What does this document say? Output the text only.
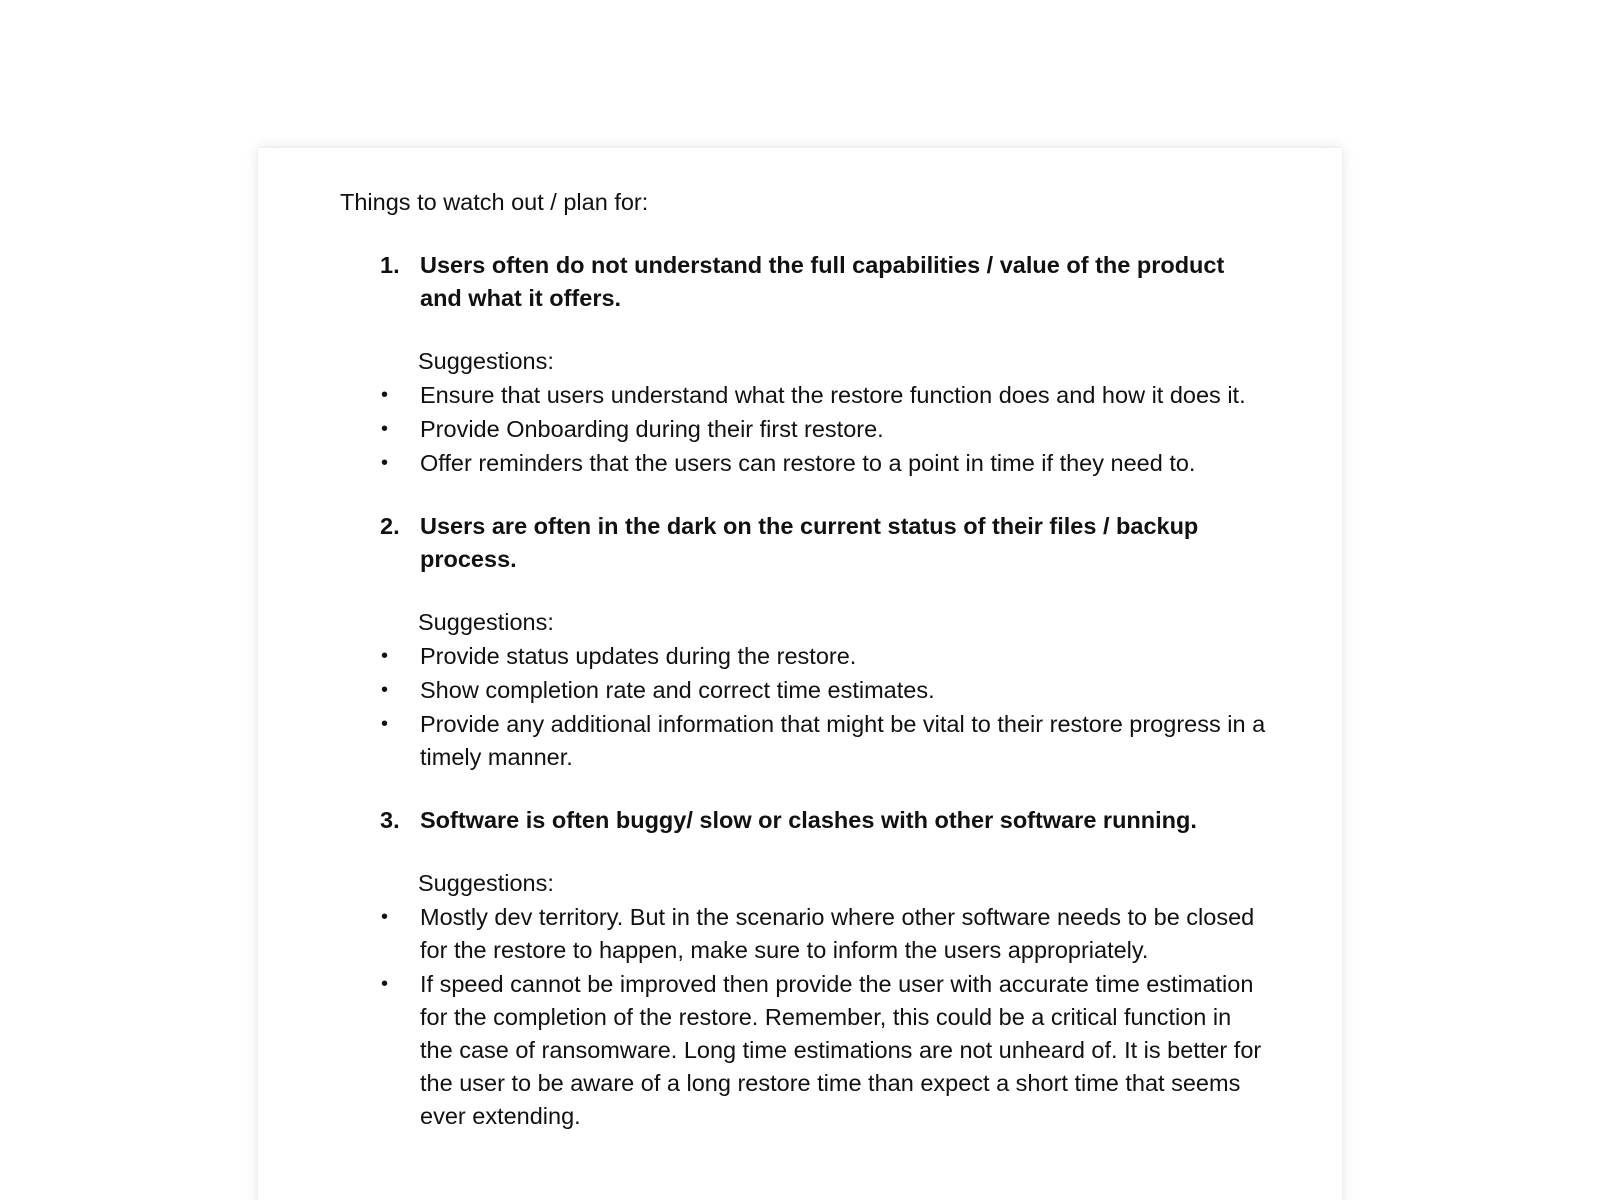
Things to watch out / plan for:

1. Users often do not understand the full capabilities / value of the product and what it offers.
Suggestions:
• Ensure that users understand what the restore function does and how it does it.
• Provide Onboarding during their first restore.
• Offer reminders that the users can restore to a point in time if they need to.
2. Users are often in the dark on the current status of their files / backup process.
Suggestions:
• Provide status updates during the restore.
• Show completion rate and correct time estimates.
• Provide any additional information that might be vital to their restore progress in a timely manner.
3. Software is often buggy/ slow or clashes with other software running.
Suggestions:
• Mostly dev territory. But in the scenario where other software needs to be closed for the restore to happen, make sure to inform the users appropriately.
• If speed cannot be improved then provide the user with accurate time estimation for the completion of the restore. Remember, this could be a critical function in the case of ransomware. Long time estimations are not unheard of. It is better for the user to be aware of a long restore time than expect a short time that seems ever extending.
